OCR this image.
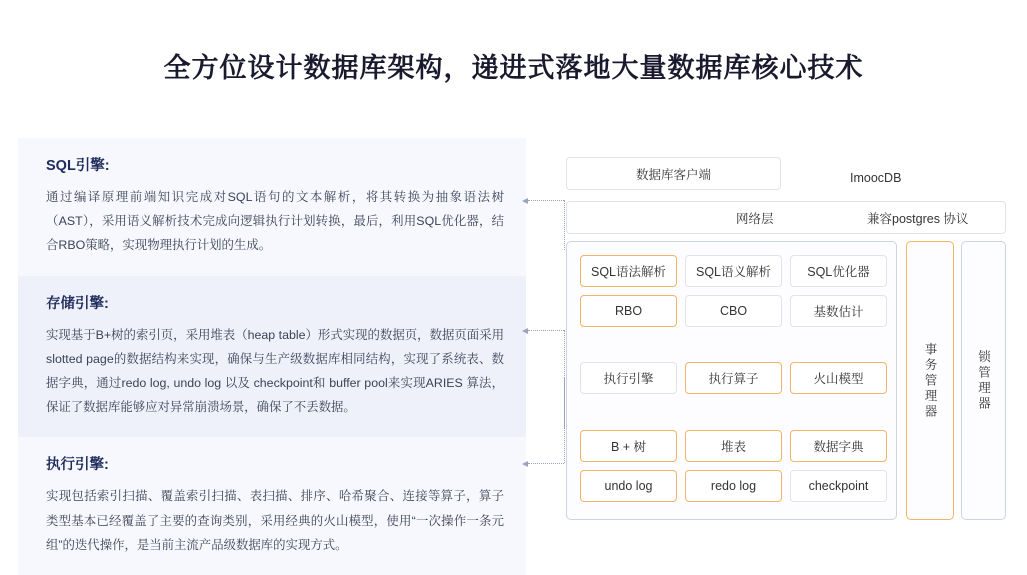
全方位设计数据库架构，递进式落地大量数据库核心技术
SQL引擎:

通过编译原理前端知识完成对SQL语句的文本解析，将其转换为抽象语法树（AST），采用语义解析技术完成向逻辑执行计划转换，最后，利用SQL优化器，结合RBO策略，实现物理执行计划的生成。

存储引擎:

实现基于B+树的索引页，采用堆表（heap table）形式实现的数据页，数据页面采用slotted page的数据结构来实现，确保与生产级数据库相同结构，实现了系统表、数据字典，通过redo log, undo log 以及 checkpoint和 buffer pool来实现ARIES 算法，保证了数据库能够应对异常崩溃场景，确保了不丢数据。

执行引擎:

实现包括索引扫描、覆盖索引扫描、表扫描、排序、哈希聚合、连接等算子，算子类型基本已经覆盖了主要的查询类别，采用经典的火山模型，使用“一次操作一条元组”的迭代操作，是当前主流产品级数据库的实现方式。

数据库客户端	ImoocDB
网络层	兼容postgres 协议
事务管理器	锁管理器
SQL语法解析	SQL语义解析	SQL优化器
RBO	CBO	基数估计
执行引擎	执行算子	火山模型
B + 树	堆表	数据字典
undo log	redo log	checkpoint
